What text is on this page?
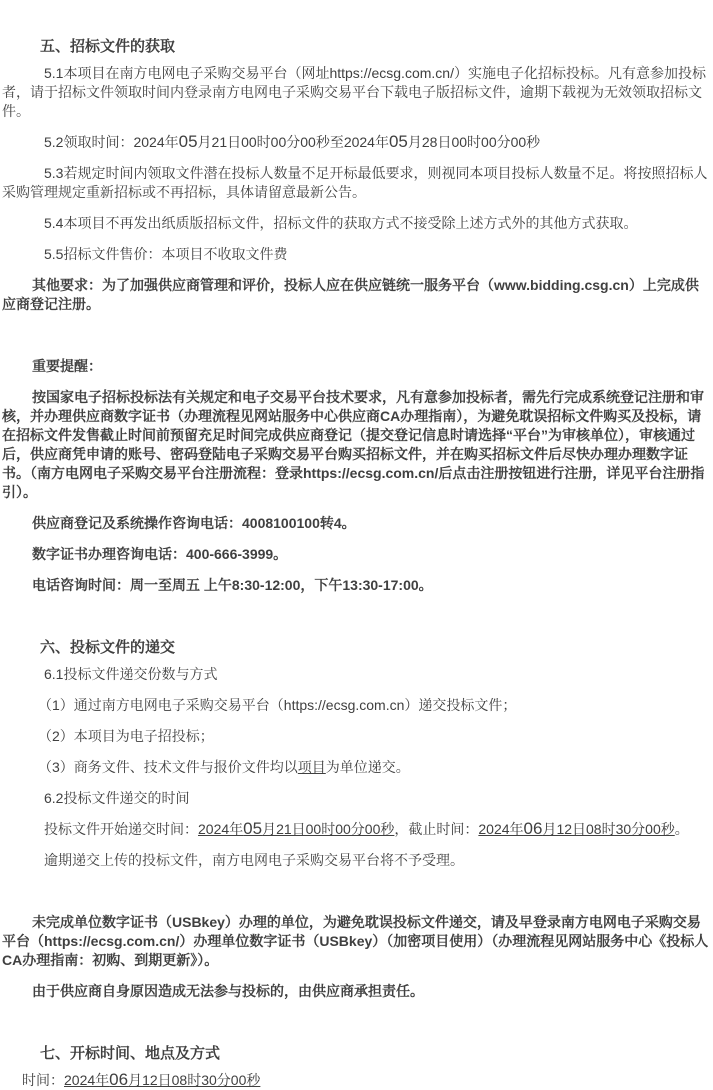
五、招标文件的获取

5.1本项目在南方电网电子采购交易平台（网址https://ecsg.com.cn/）实施电子化招标投标。凡有意参加投标者，请于招标文件领取时间内登录南方电网电子采购交易平台下载电子版招标文件，逾期下载视为无效领取招标文件。

5.2领取时间：2024年05月21日00时00分00秒至2024年05月28日00时00分00秒

5.3若规定时间内领取文件潜在投标人数量不足开标最低要求，则视同本项目投标人数量不足。将按照招标人采购管理规定重新招标或不再招标，具体请留意最新公告。

5.4本项目不再发出纸质版招标文件，招标文件的获取方式不接受除上述方式外的其他方式获取。

5.5招标文件售价：本项目不收取文件费

其他要求：为了加强供应商管理和评价，投标人应在供应链统一服务平台（www.bidding.csg.cn）上完成供应商登记注册。

重要提醒：

按国家电子招标投标法有关规定和电子交易平台技术要求，凡有意参加投标者，需先行完成系统登记注册和审核，并办理供应商数字证书（办理流程见网站服务中心供应商CA办理指南），为避免耽误招标文件购买及投标，请在招标文件发售截止时间前预留充足时间完成供应商登记（提交登记信息时请选择“平台”为审核单位），审核通过后，供应商凭申请的账号、密码登陆电子采购交易平台购买招标文件，并在购买招标文件后尽快办理办理数字证书。（南方电网电子采购交易平台注册流程：登录https://ecsg.com.cn/后点击注册按钮进行注册，详见平台注册指引）。

供应商登记及系统操作咨询电话：4008100100转4。

数字证书办理咨询电话：400-666-3999。

电话咨询时间：周一至周五 上午8:30-12:00，下午13:30-17:00。

六、投标文件的递交

6.1投标文件递交份数与方式

（1）通过南方电网电子采购交易平台（https://ecsg.com.cn）递交投标文件；

（2）本项目为电子招投标；

（3）商务文件、技术文件与报价文件均以项目为单位递交。

6.2投标文件递交的时间

投标文件开始递交时间：2024年05月21日00时00分00秒，截止时间：2024年06月12日08时30分00秒。

逾期递交上传的投标文件，南方电网电子采购交易平台将不予受理。

未完成单位数字证书（USBkey）办理的单位，为避免耽误投标文件递交，请及早登录南方电网电子采购交易平台（https://ecsg.com.cn/）办理单位数字证书（USBkey）（加密项目使用）（办理流程见网站服务中心《投标人CA办理指南：初购、到期更新》）。

由于供应商自身原因造成无法参与投标的，由供应商承担责任。

七、开标时间、地点及方式

时间：2024年06月12日08时30分00秒
